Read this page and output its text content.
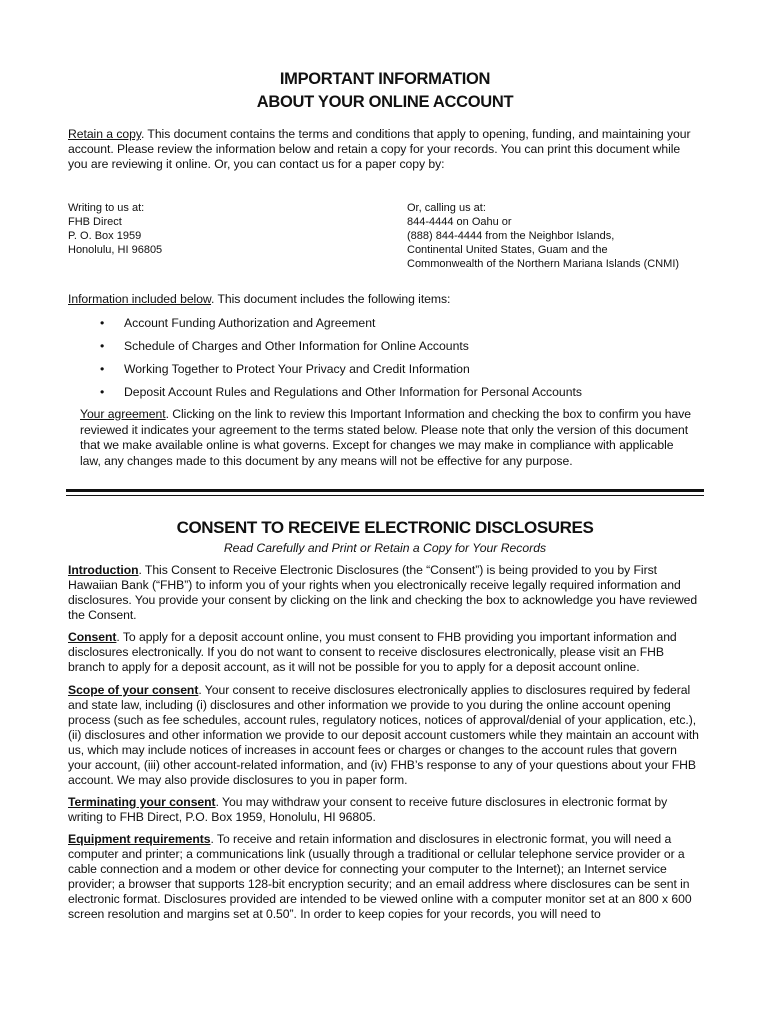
IMPORTANT INFORMATION
ABOUT YOUR ONLINE ACCOUNT
Retain a copy. This document contains the terms and conditions that apply to opening, funding, and maintaining your account. Please review the information below and retain a copy for your records. You can print this document while you are reviewing it online. Or, you can contact us for a paper copy by:
Writing to us at:
FHB Direct
P. O. Box 1959
Honolulu, HI 96805
Or, calling us at:
844-4444 on Oahu or
(888) 844-4444 from the Neighbor Islands,
Continental United States, Guam and the
Commonwealth of the Northern Mariana Islands (CNMI)
Information included below. This document includes the following items:
• Account Funding Authorization and Agreement
• Schedule of Charges and Other Information for Online Accounts
• Working Together to Protect Your Privacy and Credit Information
• Deposit Account Rules and Regulations and Other Information for Personal Accounts
Your agreement. Clicking on the link to review this Important Information and checking the box to confirm you have reviewed it indicates your agreement to the terms stated below. Please note that only the version of this document that we make available online is what governs. Except for changes we may make in compliance with applicable law, any changes made to this document by any means will not be effective for any purpose.
CONSENT TO RECEIVE ELECTRONIC DISCLOSURES
Read Carefully and Print or Retain a Copy for Your Records
Introduction. This Consent to Receive Electronic Disclosures (the “Consent”) is being provided to you by First Hawaiian Bank (“FHB”) to inform you of your rights when you electronically receive legally required information and disclosures. You provide your consent by clicking on the link and checking the box to acknowledge you have reviewed the Consent.
Consent. To apply for a deposit account online, you must consent to FHB providing you important information and disclosures electronically. If you do not want to consent to receive disclosures electronically, please visit an FHB branch to apply for a deposit account, as it will not be possible for you to apply for a deposit account online.
Scope of your consent. Your consent to receive disclosures electronically applies to disclosures required by federal and state law, including (i) disclosures and other information we provide to you during the online account opening process (such as fee schedules, account rules, regulatory notices, notices of approval/denial of your application, etc.), (ii) disclosures and other information we provide to our deposit account customers while they maintain an account with us, which may include notices of increases in account fees or charges or changes to the account rules that govern your account, (iii) other account-related information, and (iv) FHB’s response to any of your questions about your FHB account. We may also provide disclosures to you in paper form.
Terminating your consent. You may withdraw your consent to receive future disclosures in electronic format by writing to FHB Direct, P.O. Box 1959, Honolulu, HI 96805.
Equipment requirements. To receive and retain information and disclosures in electronic format, you will need a computer and printer; a communications link (usually through a traditional or cellular telephone service provider or a cable connection and a modem or other device for connecting your computer to the Internet); an Internet service provider; a browser that supports 128-bit encryption security; and an email address where disclosures can be sent in electronic format. Disclosures provided are intended to be viewed online with a computer monitor set at an 800 x 600 screen resolution and margins set at 0.50”. In order to keep copies for your records, you will need to
